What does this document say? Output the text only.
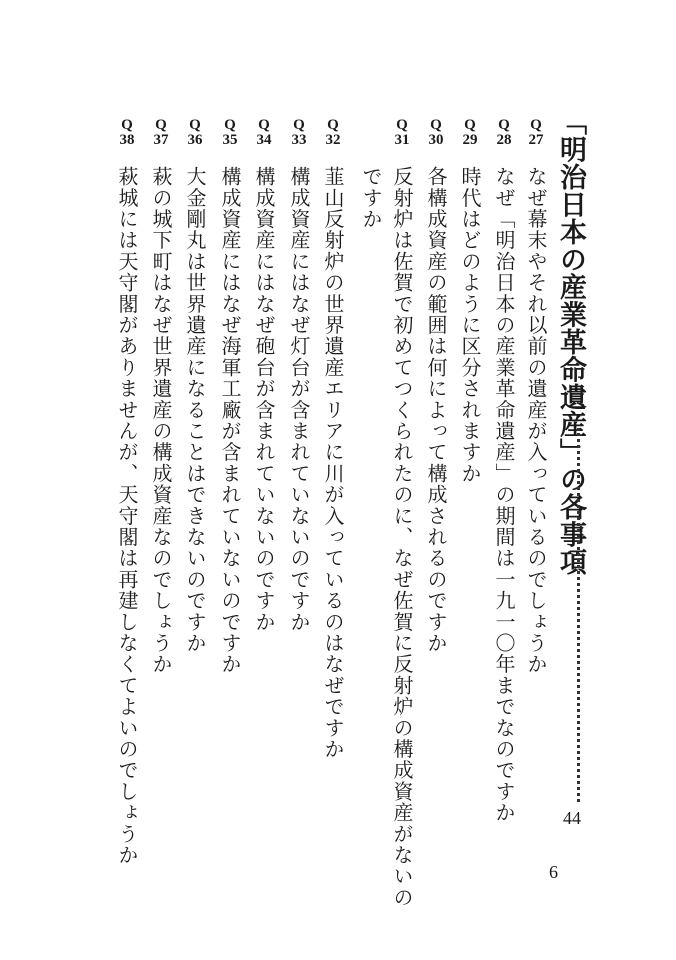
「明治日本の産業革命遺産」の各事項
44
Q
27
なぜ幕末やそれ以前の遺産が入っているのでしょうか
Q
28
なぜ「明治日本の産業革命遺産」の期間は一九一〇年までなのですか
Q
29
時代はどのように区分されますか
Q
30
各構成資産の範囲は何によって構成されるのですか
Q
31
反射炉は佐賀で初めてつくられたのに、なぜ佐賀に反射炉の構成資産がないの
ですか
Q
32
韮山反射炉の世界遺産エリアに川が入っているのはなぜですか
Q
33
構成資産にはなぜ灯台が含まれていないのですか
Q
34
構成資産にはなぜ砲台が含まれていないのですか
Q
35
構成資産にはなぜ海軍工廠が含まれていないのですか
Q
36
大金剛丸は世界遺産になることはできないのですか
Q
37
萩の城下町はなぜ世界遺産の構成資産なのでしょうか
Q
38
萩城には天守閣がありませんが、天守閣は再建しなくてよいのでしょうか
6
